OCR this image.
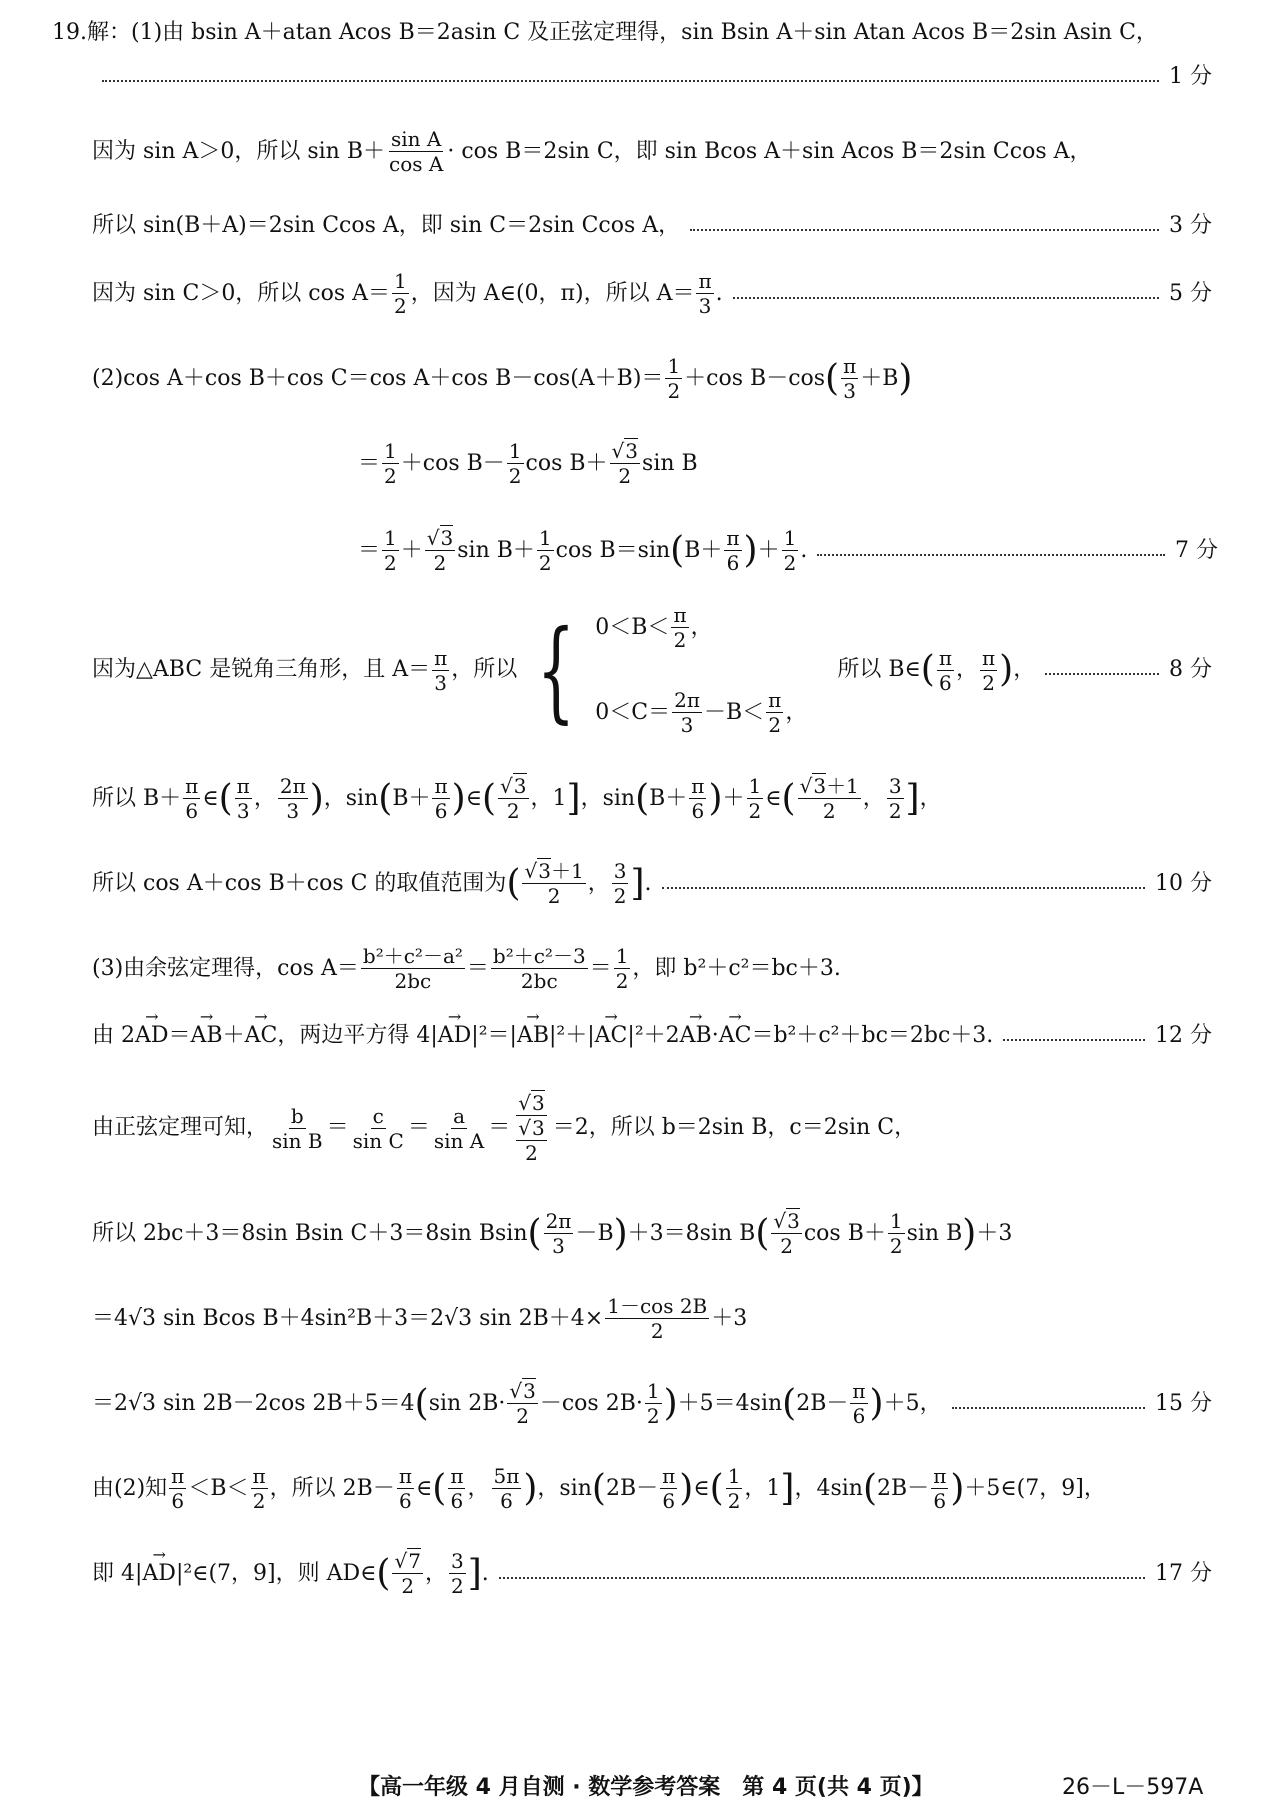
19.解：(1)由 bsin A＋atan Acos B＝2asin C 及正弦定理得，sin Bsin A＋sin Atan Acos B＝2sin Asin C，
1 分
因为 sin A＞0，所以 $\sin B+ \frac{\text{sin A}}{\text{cos A}} \cdot \cos B=2\sin$ C，即 sin Bcos A＋sin Acos B＝2sin Ccos A，
所以 sin(B＋A)＝2sin Ccos A，即 sin C＝2sin Ccos A，	3 分
因为 sin C＞0，所以 $\cos A= \frac{1}{2}$ ，因为 A∈(0，π)，所以 $A= \frac{\pi}{3}$ .	5 分
(2)cos A＋cos B＋cos C＝cos A＋cos $B-\cos(A+B)= \frac{1}{2} +\cos$ B－cos ( $\frac{\pi}{3} +B$ )
＝ $\frac{1}{2} +\cos$ $B- \frac{1}{2}$ $\cos B+ \frac{√3}{2}$ sin B
＝ $\frac{1}{2} + \frac{√3}{2}$ $\sin B+ \frac{1}{2}$ cos B＝sin ( $B+ \frac{\pi}{6}$ ) ＋ $\frac{1}{2}$ .	7 分
因为△ABC 是锐角三角形，且 $A= \frac{\pi}{3}$ ，所以 { $0<B< \frac{\pi}{2}$ ，
$0<C= \frac{2\pi}{3} -B< \frac{\pi}{2}$ ，
所以 B∈ ( $\frac{\pi}{6}$ ， $\frac{\pi}{2}$ ) ，	8 分
所以 $B+ \frac{\pi}{6}$ ∈ ( $\frac{\pi}{3}$ ， $\frac{2\pi}{3}$ ) ，sin ( $B+ \frac{\pi}{6}$ ) ∈ ( $\frac{√3}{2}$ ，1 ] ，sin ( $B+ \frac{\pi}{6}$ ) ＋ $\frac{1}{2}$ ∈ ( $\frac{√3+1}{2}$ ， $\frac{3}{2}$ ] ，
所以 cos A＋cos B＋cos C 的取值范围为 ( $\frac{√3+1}{2}$ ， $\frac{3}{2}$ ] .	10 分
(3)由余弦定理得，$\cos A= \frac{\text{b²＋c²－a²}}{2bc} = \frac{\text{b²＋c²－3}}{2bc} = \frac{1}{2}$ ，即 b²＋c²＝bc＋3.
由 2 → AD ＝ → AB ＋ → AC ，两边平方得 4| → AD |²＝| → AB |²＋| → AC |²＋2 → AB · → AC ＝b²＋c²＋bc＝2bc＋3.	12 分
由正弦定理可知， $\frac{b}{\text{sin B}} = \frac{c}{\text{sin C}} = \frac{a}{\text{sin A}} = \frac{√3}{\frac{√3}{2}} =2$，所以 b＝2sin B，c＝2sin C，
所以 2bc＋3＝8sin Bsin C＋3＝8sin Bsin ( $\frac{2\pi}{3} -B$ ) ＋3＝8sin B ( $\frac{√3}{2}$ $\cos B+ \frac{1}{2}$ sin B ) ＋3
＝4√3 sin Bcos B＋4sin²B＋3＝2√3 $\sin 2B+4\times \frac{1-\cos 2B}{2} +3$
＝2√3 sin 2B－2cos 2B＋5＝4 ( $\sin 2B\cdot \frac{√3}{2} -\cos$ $2B\cdot \frac{1}{2}$ ) ＋5＝4sin ( $2B- \frac{\pi}{6}$ ) ＋5，	15 分
由(2)知 $\frac{\pi}{6} <B< \frac{\pi}{2}$ ，所以 $2B- \frac{\pi}{6}$ ∈ ( $\frac{\pi}{6}$ ， $\frac{5\pi}{6}$ ) ，sin ( $2B- \frac{\pi}{6}$ ) ∈ ( $\frac{1}{2}$ ，1 ] ，4sin ( $2B- \frac{\pi}{6}$ ) ＋5∈(7，9]，
即 4| → AD |²∈(7，9]，则 AD∈ ( $\frac{√7}{2}$ ， $\frac{3}{2}$ ] .	17 分
【高一年级 4 月自测 · 数学参考答案　第 4 页(共 4 页)】	26－L－597A
